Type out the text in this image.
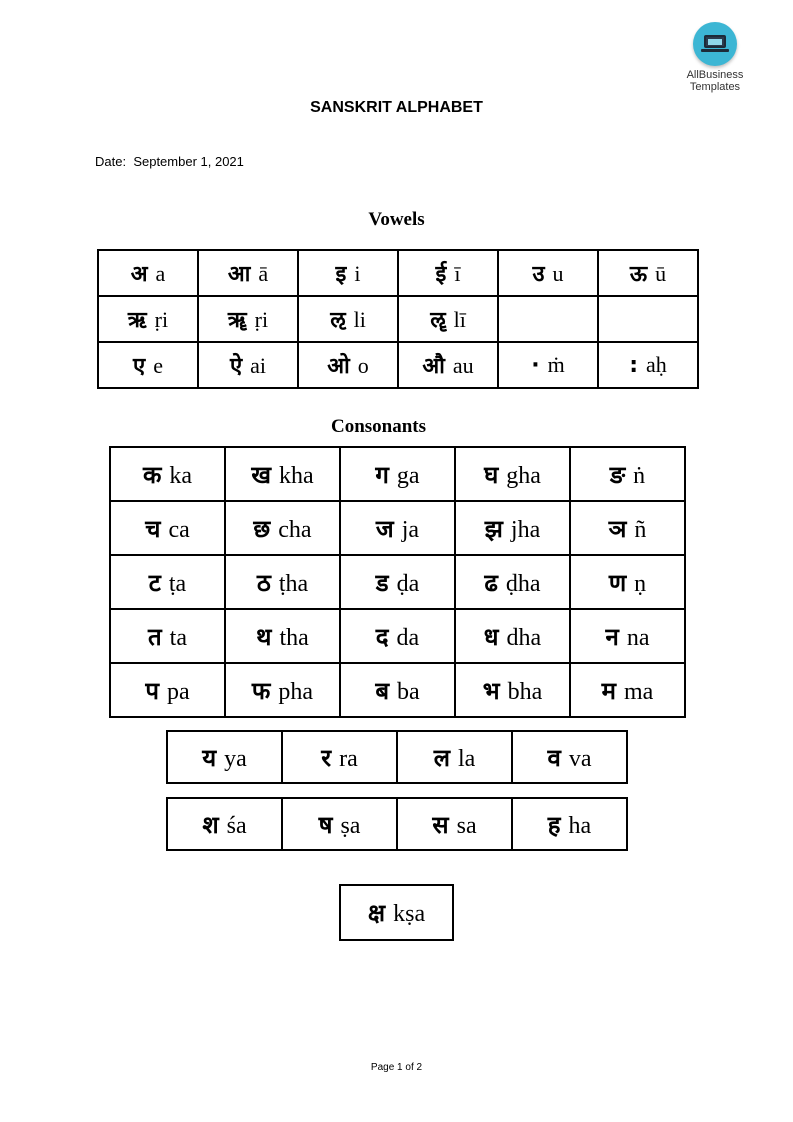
AllBusiness
Templates
SANSKRIT ALPHABET
Date: September 1, 2021
Vowels
अ a	आ ā	इ i	ई ī	उ u	ऊ ū
ऋ ṛi	ॠ ṛi	ऌ li	ॡ lī		
ए e	ऐ ai	ओ o	औ au	· ṁ	: aḥ
Consonants
क ka	ख kha	ग ga	घ gha	ङ ṅ
च ca	छ cha	ज ja	झ jha	ञ ñ
ट ṭa	ठ ṭha	ड ḍa	ढ ḍha	ण ṇ
त ta	थ tha	द da	ध dha	न na
प pa	फ pha	ब ba	भ bha	म ma
य ya	र ra	ल la	व va
श śa	ष ṣa	स sa	ह ha
क्ष kṣa
Page 1 of 2
